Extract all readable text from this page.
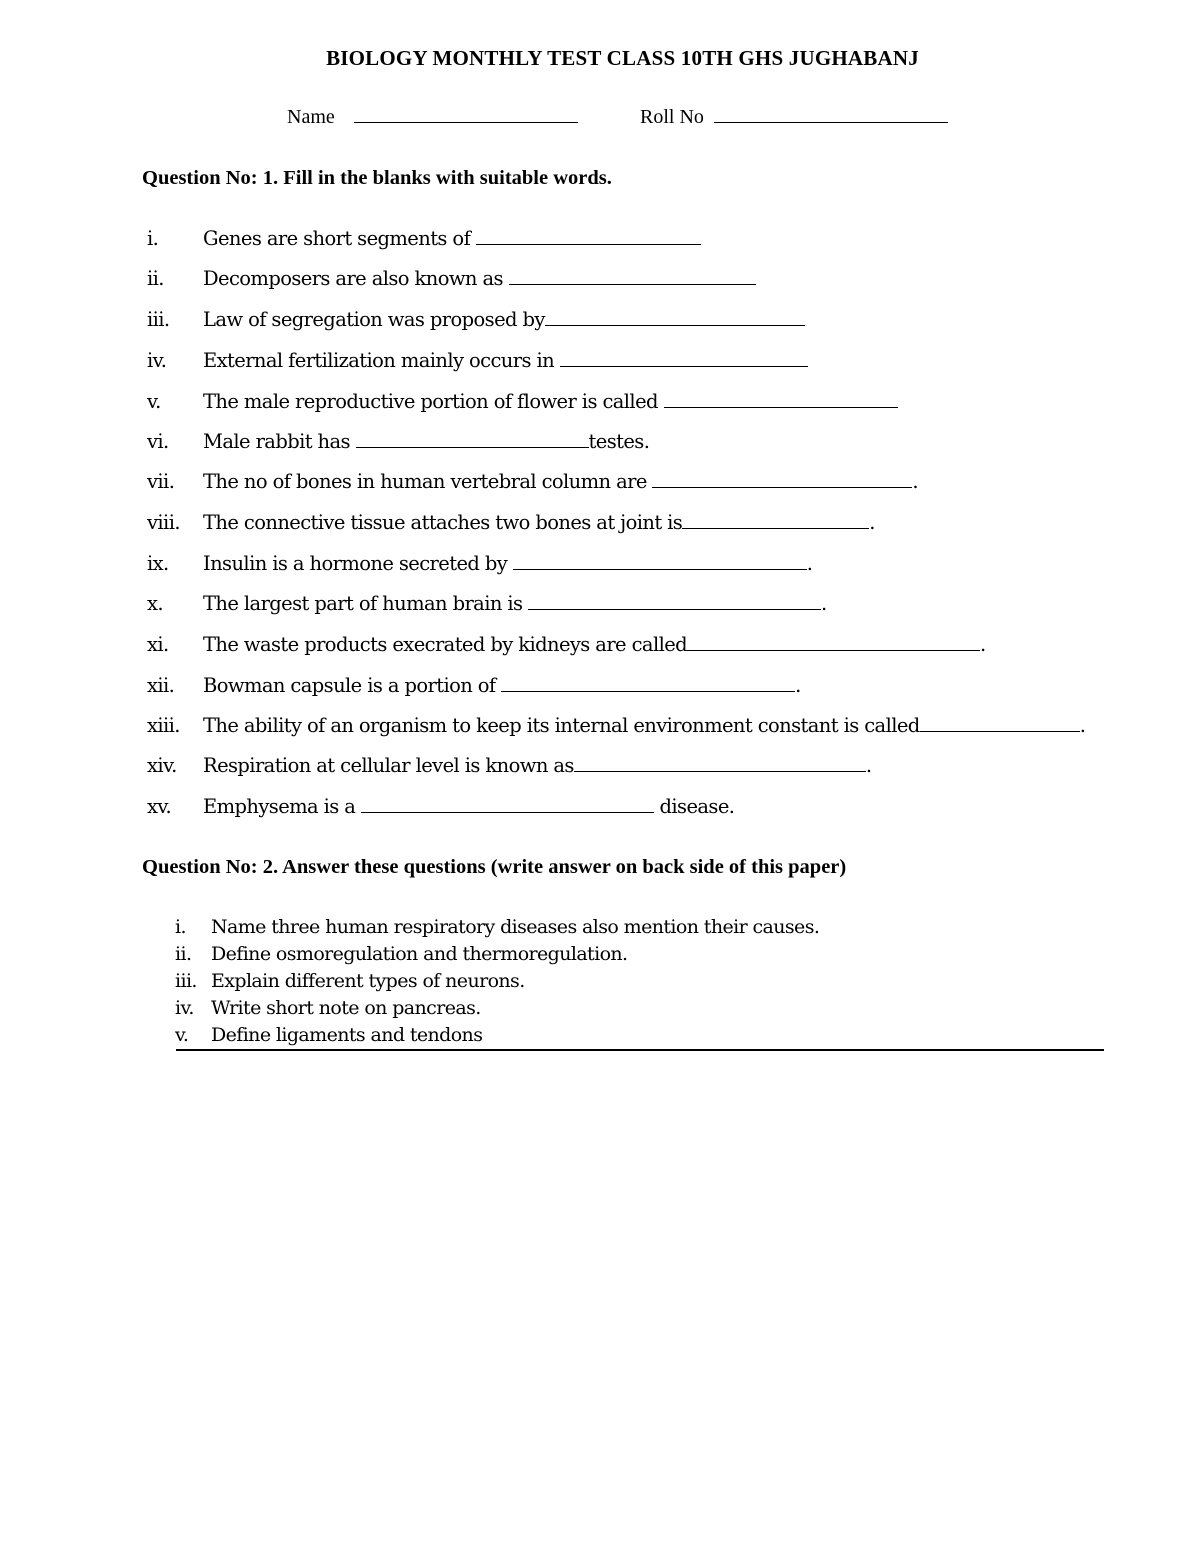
BIOLOGY MONTHLY TEST CLASS 10TH GHS JUGHABANJ
Name	Roll No
Question No: 1. Fill in the blanks with suitable words.
i. Genes are short segments of
ii. Decomposers are also known as
iii. Law of segregation was proposed by
iv. External fertilization mainly occurs in
v. The male reproductive portion of flower is called
vi. Male rabbit has	testes.
vii. The no of bones in human vertebral column are	.
viii. The connective tissue attaches two bones at joint is	.
ix. Insulin is a hormone secreted by	.
x. The largest part of human brain is	.
xi. The waste products execrated by kidneys are called	.
xii. Bowman capsule is a portion of	.
xiii. The ability of an organism to keep its internal environment constant is called	.
xiv. Respiration at cellular level is known as	.
xv. Emphysema is a	disease.
Question No: 2. Answer these questions (write answer on back side of this paper)
i. Name three human respiratory diseases also mention their causes.
ii. Define osmoregulation and thermoregulation.
iii. Explain different types of neurons.
iv. Write short note on pancreas.
v. Define ligaments and tendons
